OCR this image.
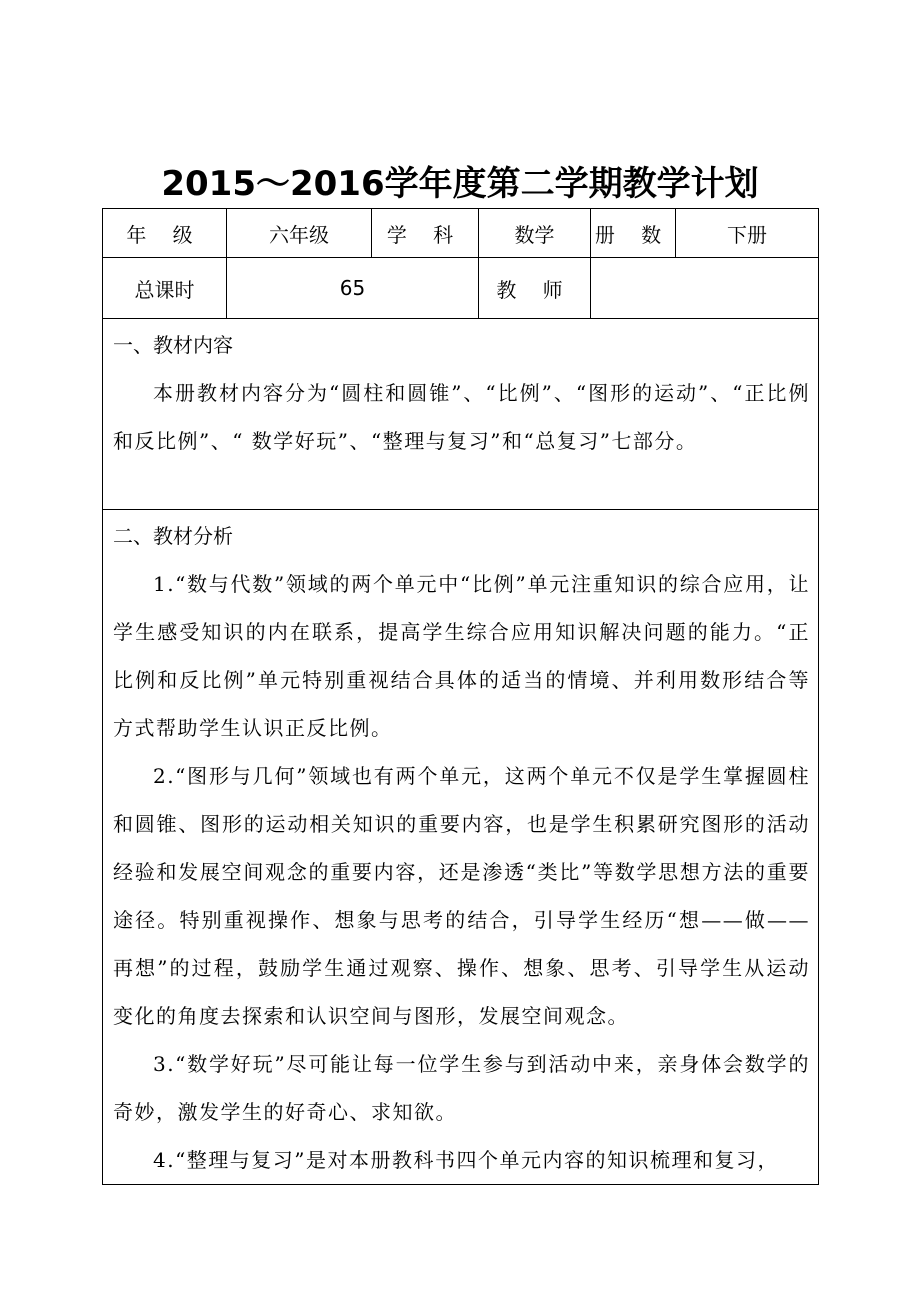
2015～2016学年度第二学期教学计划
年 级	六年级	学 科	数学	册 数	下册
总课时	65		教 师		

一、教材内容

本册教材内容分为“圆柱和圆锥”、“比例”、“图形的运动”、“正比例和反比例”、“ 数学好玩”、“整理与复习”和“总复习”七部分。					

二、教材分析

1.“数与代数”领域的两个单元中“比例”单元注重知识的综合应用，让学生感受知识的内在联系，提高学生综合应用知识解决问题的能力。“正比例和反比例”单元特别重视结合具体的适当的情境、并利用数形结合等方式帮助学生认识正反比例。

2.“图形与几何”领域也有两个单元，这两个单元不仅是学生掌握圆柱和圆锥、图形的运动相关知识的重要内容，也是学生积累研究图形的活动经验和发展空间观念的重要内容，还是渗透“类比”等数学思想方法的重要途径。特别重视操作、想象与思考的结合，引导学生经历“想——做——再想”的过程，鼓励学生通过观察、操作、想象、思考、引导学生从运动变化的角度去探索和认识空间与图形，发展空间观念。

3.“数学好玩”尽可能让每一位学生参与到活动中来，亲身体会数学的奇妙，激发学生的好奇心、求知欲。

4.“整理与复习”是对本册教科书四个单元内容的知识梳理和复习，					
